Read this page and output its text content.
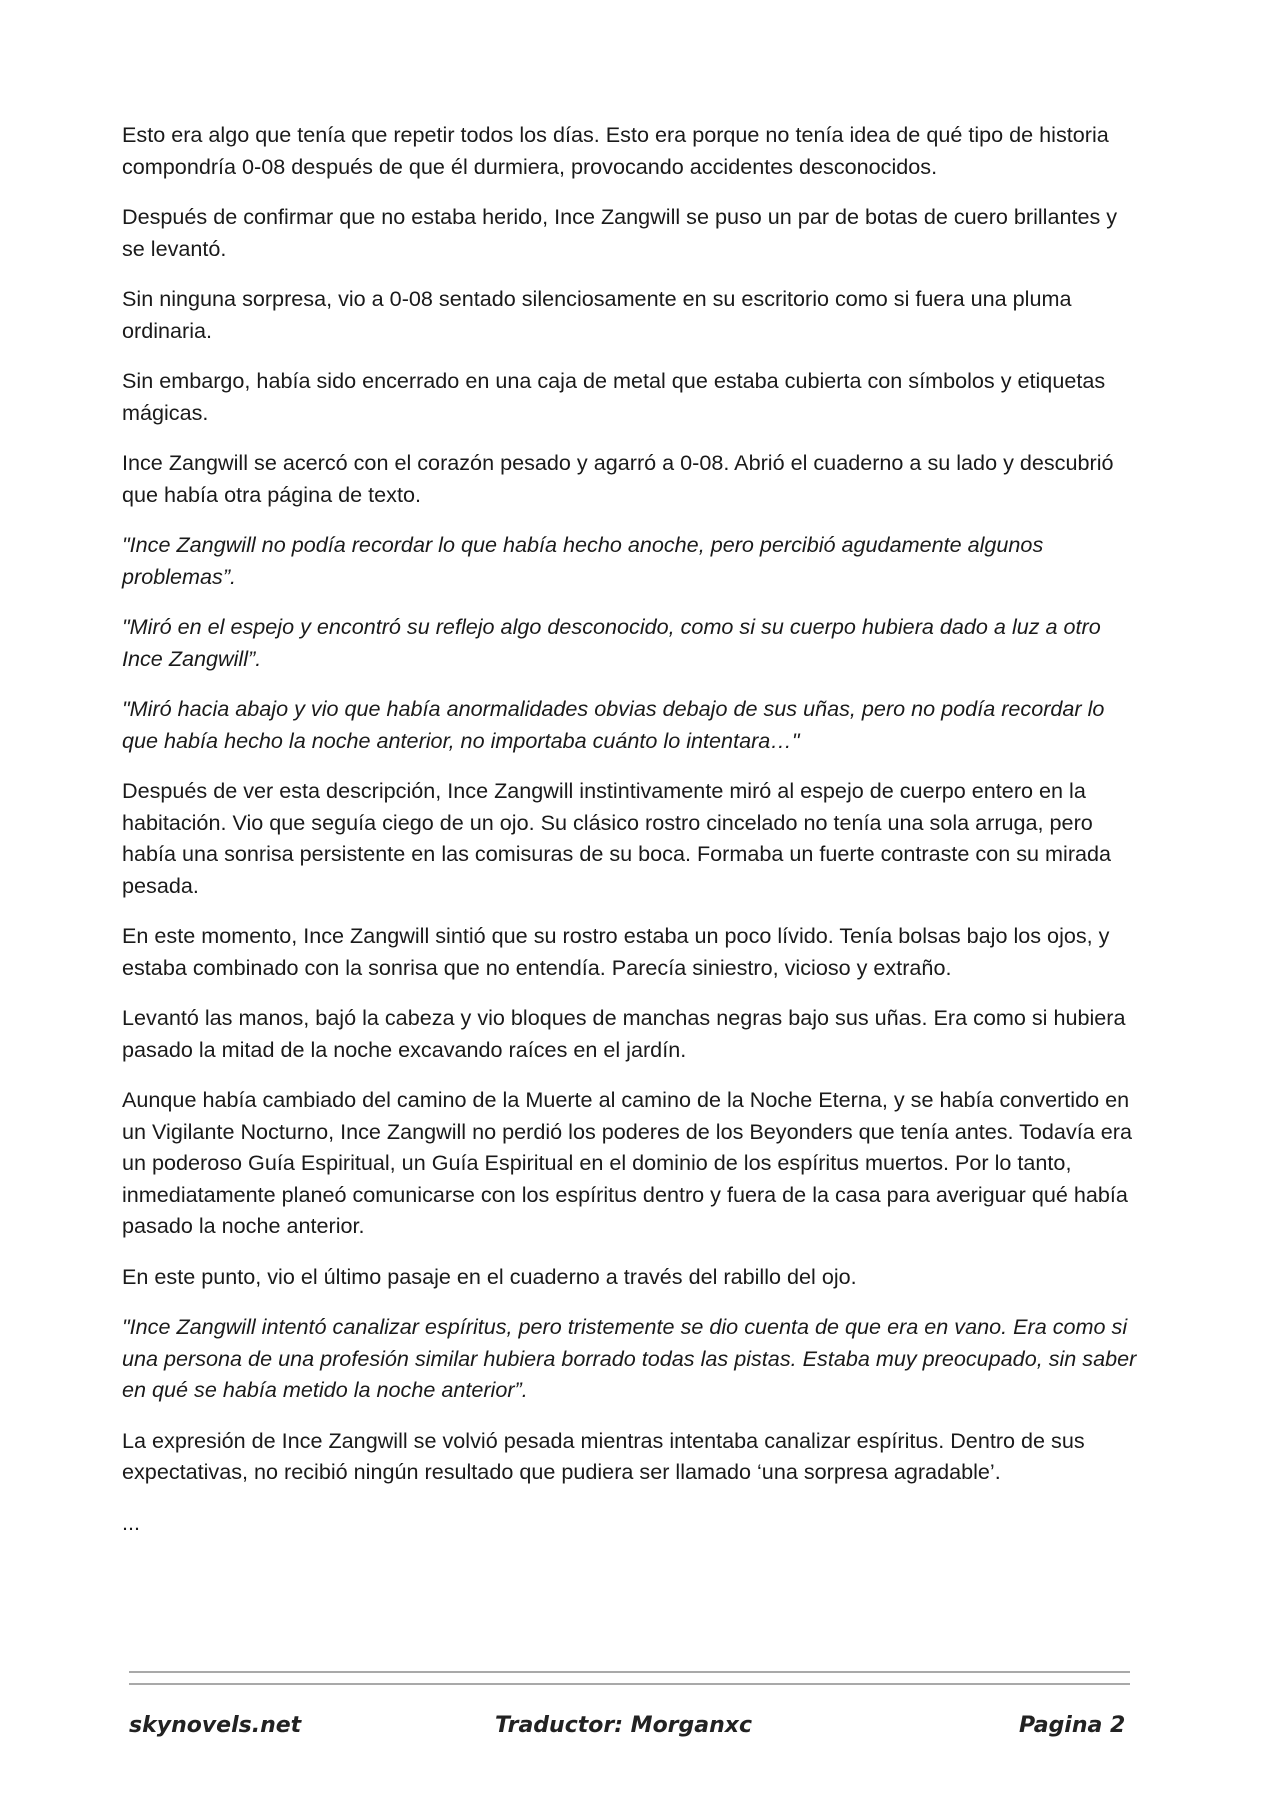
Esto era algo que tenía que repetir todos los días. Esto era porque no tenía idea de qué tipo de historia compondría 0-08 después de que él durmiera, provocando accidentes desconocidos.

Después de confirmar que no estaba herido, Ince Zangwill se puso un par de botas de cuero brillantes y se levantó.

Sin ninguna sorpresa, vio a 0-08 sentado silenciosamente en su escritorio como si fuera una pluma ordinaria.

Sin embargo, había sido encerrado en una caja de metal que estaba cubierta con símbolos y etiquetas mágicas.

Ince Zangwill se acercó con el corazón pesado y agarró a 0-08. Abrió el cuaderno a su lado y descubrió que había otra página de texto.

"Ince Zangwill no podía recordar lo que había hecho anoche, pero percibió agudamente algunos problemas”.

"Miró en el espejo y encontró su reflejo algo desconocido, como si su cuerpo hubiera dado a luz a otro Ince Zangwill”.

"Miró hacia abajo y vio que había anormalidades obvias debajo de sus uñas, pero no podía recordar lo que había hecho la noche anterior, no importaba cuánto lo intentara…"

Después de ver esta descripción, Ince Zangwill instintivamente miró al espejo de cuerpo entero en la habitación. Vio que seguía ciego de un ojo. Su clásico rostro cincelado no tenía una sola arruga, pero había una sonrisa persistente en las comisuras de su boca. Formaba un fuerte contraste con su mirada pesada.

En este momento, Ince Zangwill sintió que su rostro estaba un poco lívido. Tenía bolsas bajo los ojos, y estaba combinado con la sonrisa que no entendía. Parecía siniestro, vicioso y extraño.

Levantó las manos, bajó la cabeza y vio bloques de manchas negras bajo sus uñas. Era como si hubiera pasado la mitad de la noche excavando raíces en el jardín.

Aunque había cambiado del camino de la Muerte al camino de la Noche Eterna, y se había convertido en un Vigilante Nocturno, Ince Zangwill no perdió los poderes de los Beyonders que tenía antes. Todavía era un poderoso Guía Espiritual, un Guía Espiritual en el dominio de los espíritus muertos. Por lo tanto, inmediatamente planeó comunicarse con los espíritus dentro y fuera de la casa para averiguar qué había pasado la noche anterior.

En este punto, vio el último pasaje en el cuaderno a través del rabillo del ojo.

"Ince Zangwill intentó canalizar espíritus, pero tristemente se dio cuenta de que era en vano. Era como si una persona de una profesión similar hubiera borrado todas las pistas. Estaba muy preocupado, sin saber en qué se había metido la noche anterior”.

La expresión de Ince Zangwill se volvió pesada mientras intentaba canalizar espíritus. Dentro de sus expectativas, no recibió ningún resultado que pudiera ser llamado ‘una sorpresa agradable’.

...

skynovels.net	Traductor: Morganxc	Pagina 2
